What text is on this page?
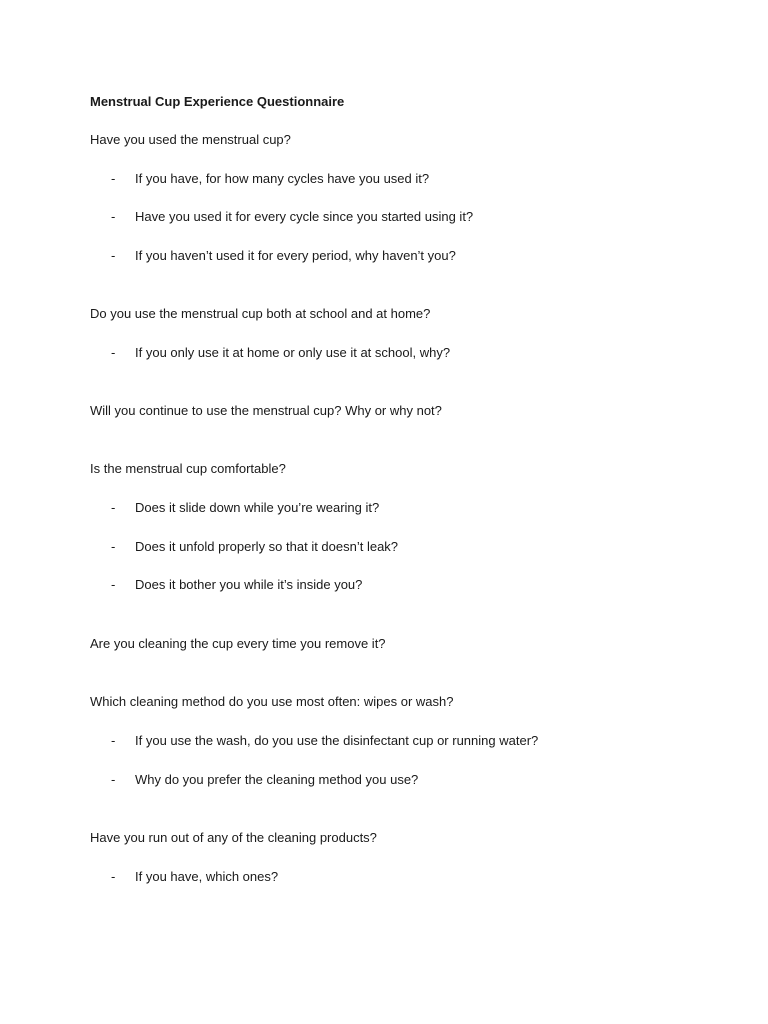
Menstrual Cup Experience Questionnaire
Have you used the menstrual cup?
- If you have, for how many cycles have you used it?
- Have you used it for every cycle since you started using it?
- If you haven’t used it for every period, why haven’t you?
Do you use the menstrual cup both at school and at home?
- If you only use it at home or only use it at school, why?
Will you continue to use the menstrual cup? Why or why not?
Is the menstrual cup comfortable?
- Does it slide down while you’re wearing it?
- Does it unfold properly so that it doesn’t leak?
- Does it bother you while it’s inside you?
Are you cleaning the cup every time you remove it?
Which cleaning method do you use most often: wipes or wash?
- If you use the wash, do you use the disinfectant cup or running water?
- Why do you prefer the cleaning method you use?
Have you run out of any of the cleaning products?
- If you have, which ones?
